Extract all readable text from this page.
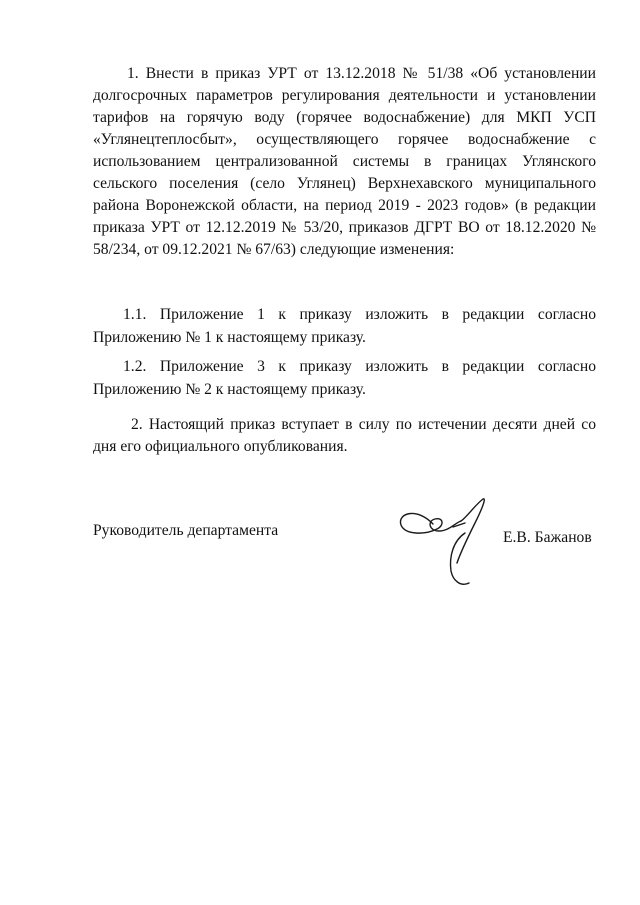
1. Внести в приказ УРТ от 13.12.2018 № 51/38 «Об установлении долгосрочных параметров регулирования деятельности и установлении тарифов на горячую воду (горячее водоснабжение) для МКП УСП «Углянецтеплосбыт», осуществляющего горячее водоснабжение с использованием централизованной системы в границах Углянского сельского поселения (село Углянец) Верхнехавского муниципального района Воронежской области, на период 2019 - 2023 годов» (в редакции приказа УРТ от 12.12.2019 № 53/20, приказов ДГРТ ВО от 18.12.2020 № 58/234, от 09.12.2021 № 67/63) следующие изменения:

1.1. Приложение 1 к приказу изложить в редакции согласно Приложению № 1 к настоящему приказу.

1.2. Приложение 3 к приказу изложить в редакции согласно Приложению № 2 к настоящему приказу.

2. Настоящий приказ вступает в силу по истечении десяти дней со дня его официального опубликования.

Руководитель департамента	Е.В. Бажанов
